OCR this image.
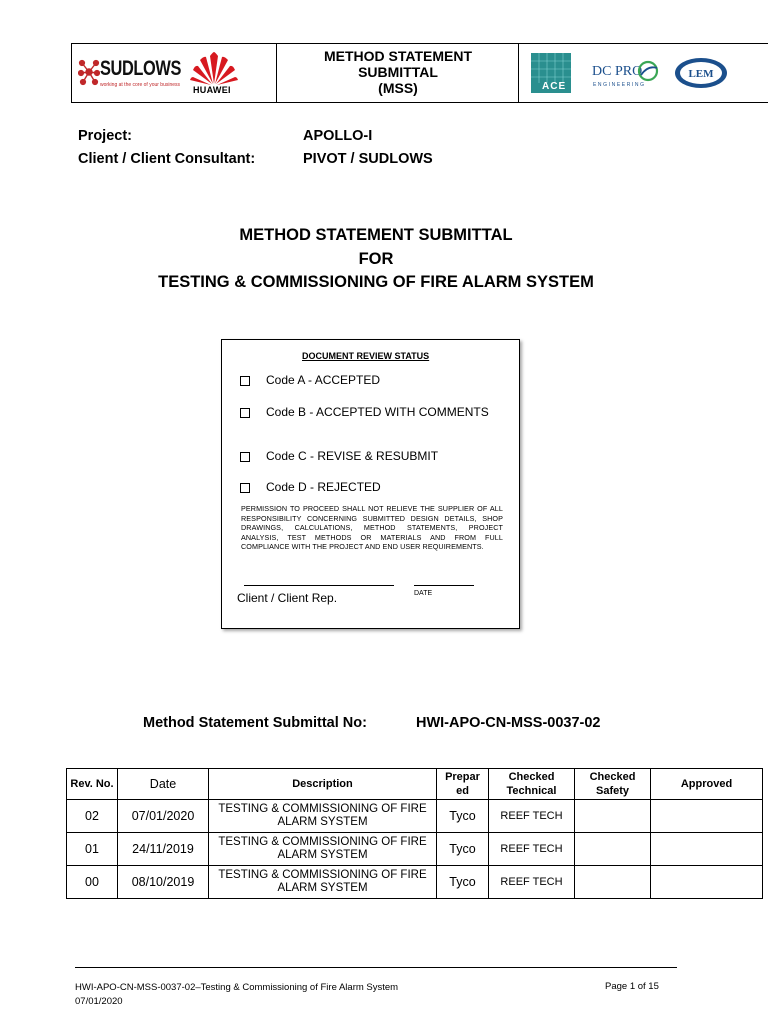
SUDLOWS
working at the core of your business HUAWEI
METHOD STATEMENT
SUBMITTAL
(MSS)	ACE
DC PRO
ENGINEERING
LEM
Project:	APOLLO-I
Client / Client Consultant:	PIVOT / SUDLOWS
METHOD STATEMENT SUBMITTAL
FOR
TESTING & COMMISSIONING OF FIRE ALARM SYSTEM
DOCUMENT REVIEW STATUS
Code A - ACCEPTED
Code B - ACCEPTED WITH COMMENTS
Code C - REVISE & RESUBMIT
Code D - REJECTED
PERMISSION TO PROCEED SHALL NOT RELIEVE THE SUPPLIER OF ALL RESPONSIBILITY CONCERNING SUBMITTED DESIGN DETAILS, SHOP DRAWINGS, CALCULATIONS, METHOD STATEMENTS, PROJECT ANALYSIS, TEST METHODS OR MATERIALS AND FROM FULL COMPLIANCE WITH THE PROJECT AND END USER REQUIREMENTS.
Client / Client Rep.	DATE
Method Statement Submittal No:	HWI-APO-CN-MSS-0037-02
Rev. No.	Date	Description	Prepar ed	Checked Technical	Checked Safety	Approved
02	07/01/2020	TESTING & COMMISSIONING OF FIRE ALARM SYSTEM	Tyco	REEF TECH		
01	24/11/2019	TESTING & COMMISSIONING OF FIRE ALARM SYSTEM	Tyco	REEF TECH		
00	08/10/2019	TESTING & COMMISSIONING OF FIRE ALARM SYSTEM	Tyco	REEF TECH		
HWI-APO-CN-MSS-0037-02–Testing & Commissioning of Fire Alarm System
07/01/2020
Page 1 of 15
